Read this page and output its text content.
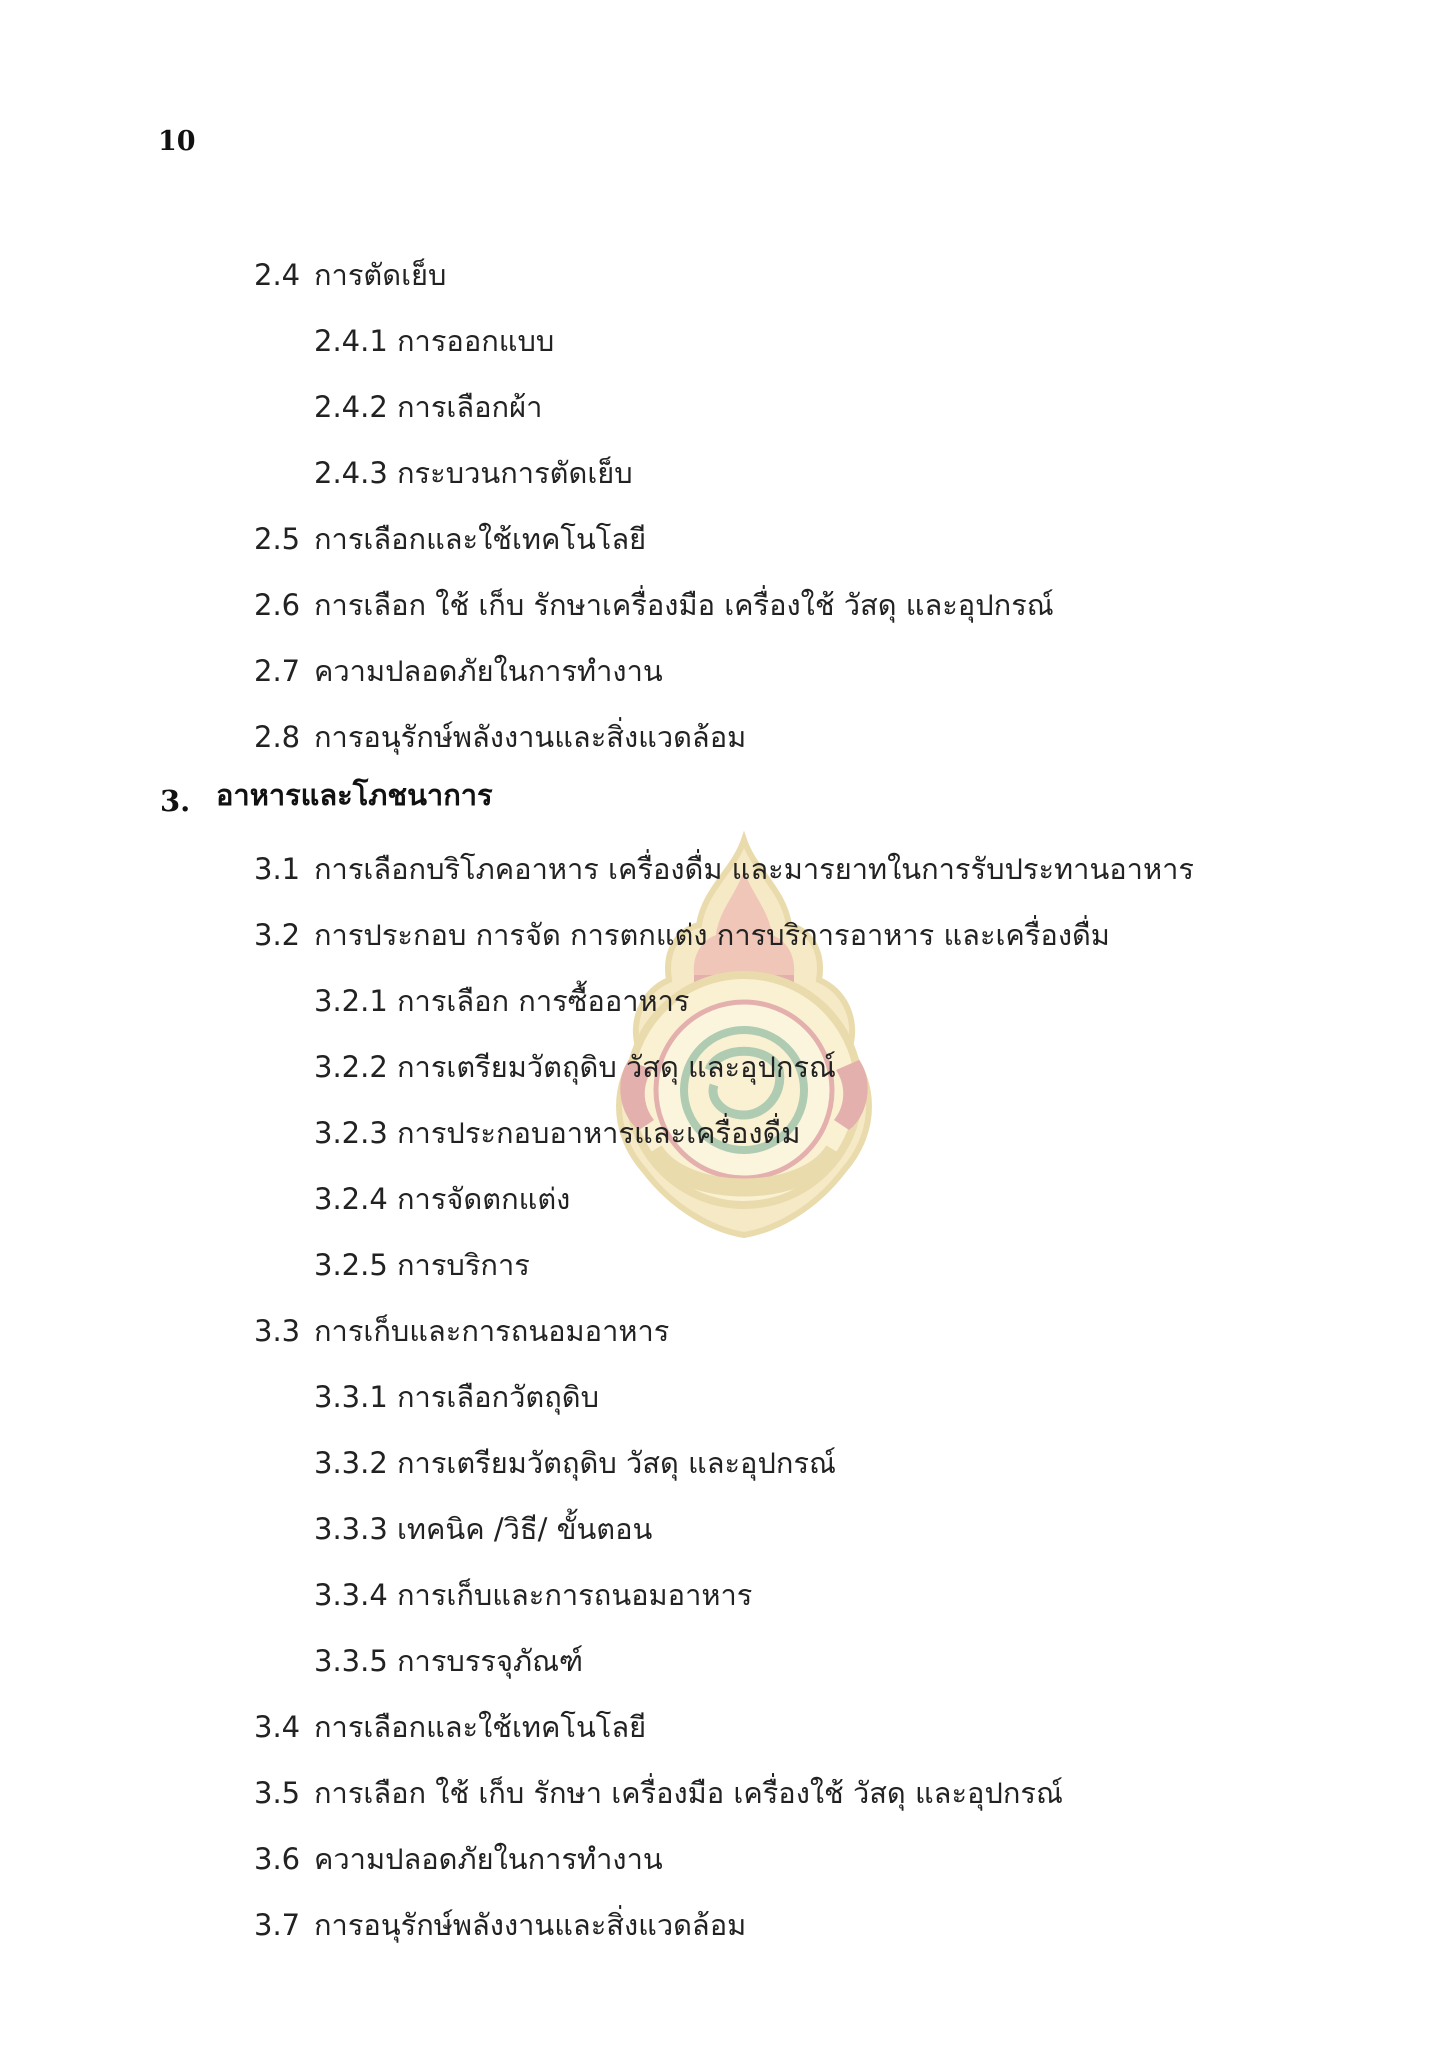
10
2.4 การตัดเย็บ
2.4.1 การออกแบบ
2.4.2 การเลือกผ้า
2.4.3 กระบวนการตัดเย็บ
2.5 การเลือกและใช้เทคโนโลยี
2.6 การเลือก ใช้ เก็บ รักษาเครื่องมือ เครื่องใช้ วัสดุ และอุปกรณ์
2.7 ความปลอดภัยในการทำงาน
2.8 การอนุรักษ์พลังงานและสิ่งแวดล้อม
3. อาหารและโภชนาการ
3.1 การเลือกบริโภคอาหาร เครื่องดื่ม และมารยาทในการรับประทานอาหาร
3.2 การประกอบ การจัด การตกแต่ง การบริการอาหาร และเครื่องดื่ม
3.2.1 การเลือก การซื้ออาหาร
3.2.2 การเตรียมวัตถุดิบ วัสดุ และอุปกรณ์
3.2.3 การประกอบอาหารและเครื่องดื่ม
3.2.4 การจัดตกแต่ง
3.2.5 การบริการ
3.3 การเก็บและการถนอมอาหาร
3.3.1 การเลือกวัตถุดิบ
3.3.2 การเตรียมวัตถุดิบ วัสดุ และอุปกรณ์
3.3.3 เทคนิค /วิธี/ ขั้นตอน
3.3.4 การเก็บและการถนอมอาหาร
3.3.5 การบรรจุภัณฑ์
3.4 การเลือกและใช้เทคโนโลยี
3.5 การเลือก ใช้ เก็บ รักษา เครื่องมือ เครื่องใช้ วัสดุ และอุปกรณ์
3.6 ความปลอดภัยในการทำงาน
3.7 การอนุรักษ์พลังงานและสิ่งแวดล้อม
